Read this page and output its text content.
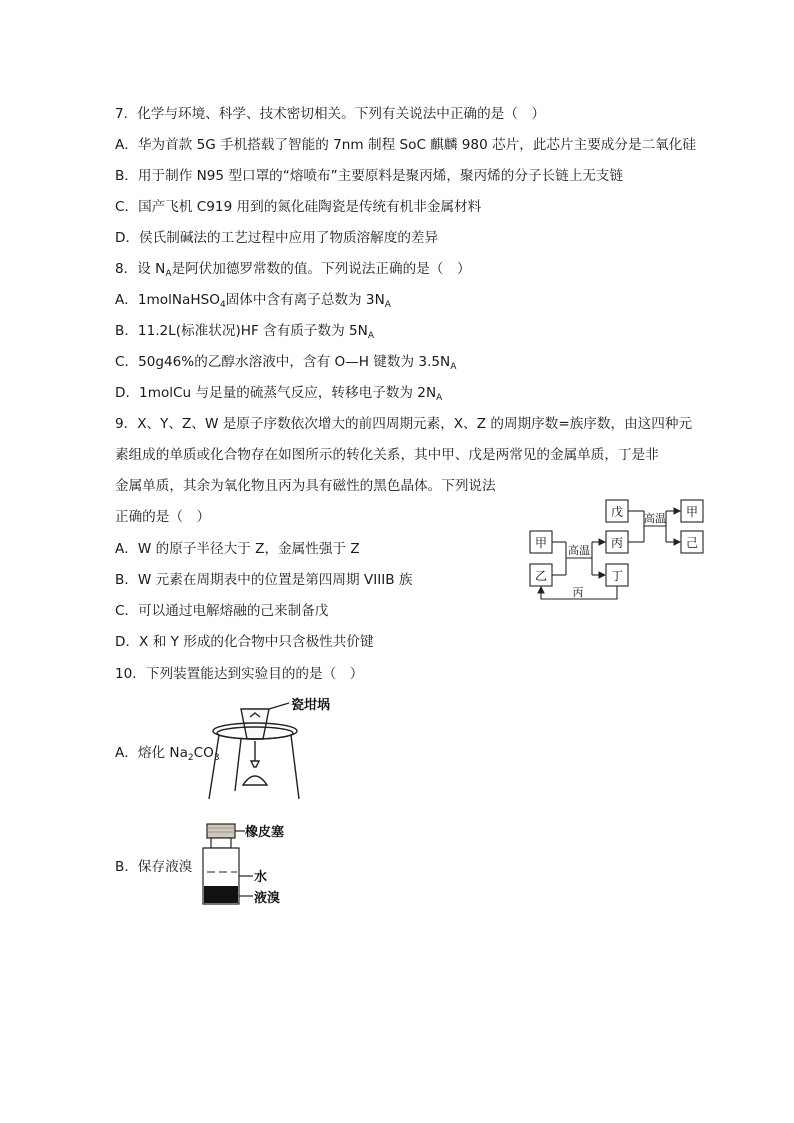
7．化学与环境、科学、技术密切相关。下列有关说法中正确的是（　）
A．华为首款 5G 手机搭载了智能的 7nm 制程 SoC 麒麟 980 芯片，此芯片主要成分是二氧化硅
B．用于制作 N95 型口罩的“熔喷布”主要原料是聚丙烯，聚丙烯的分子长链上无支链
C．国产飞机 C919 用到的氮化硅陶瓷是传统有机非金属材料
D．侯氏制碱法的工艺过程中应用了物质溶解度的差异
8．设 $N_A$是阿伏加德罗常数的值。下列说法正确的是（　）
A．1molNaHSO$_4$固体中含有离子总数为 $3N_A$
B．11.2L(标准状况)HF 含有质子数为 $5N_A$
C．50g46%的乙醇水溶液中，含有 O—H 键数为 $3.5N_A$
D．1molCu 与足量的硫蒸气反应，转移电子数为 $2N_A$
9．X、Y、Z、W 是原子序数依次增大的前四周期元素，X、Z 的周期序数=族序数，由这四种元
素组成的单质或化合物存在如图所示的转化关系，其中甲、戊是两常见的金属单质，丁是非
金属单质，其余为氧化物且丙为具有磁性的黑色晶体。下列说法
正确的是（　）
A．W 的原子半径大于 Z，金属性强于 Z
B．W 元素在周期表中的位置是第四周期 VIIIB 族
C．可以通过电解熔融的己来制备戊
D．X 和 Y 形成的化合物中只含极性共价键
甲
乙
戊
丙
丁
甲
己
高温
高温
丙
10．下列装置能达到实验目的的是（　）
A．熔化 $Na_2CO_3$
瓷坩埚
B．保存液溴
橡皮塞
水
液溴
